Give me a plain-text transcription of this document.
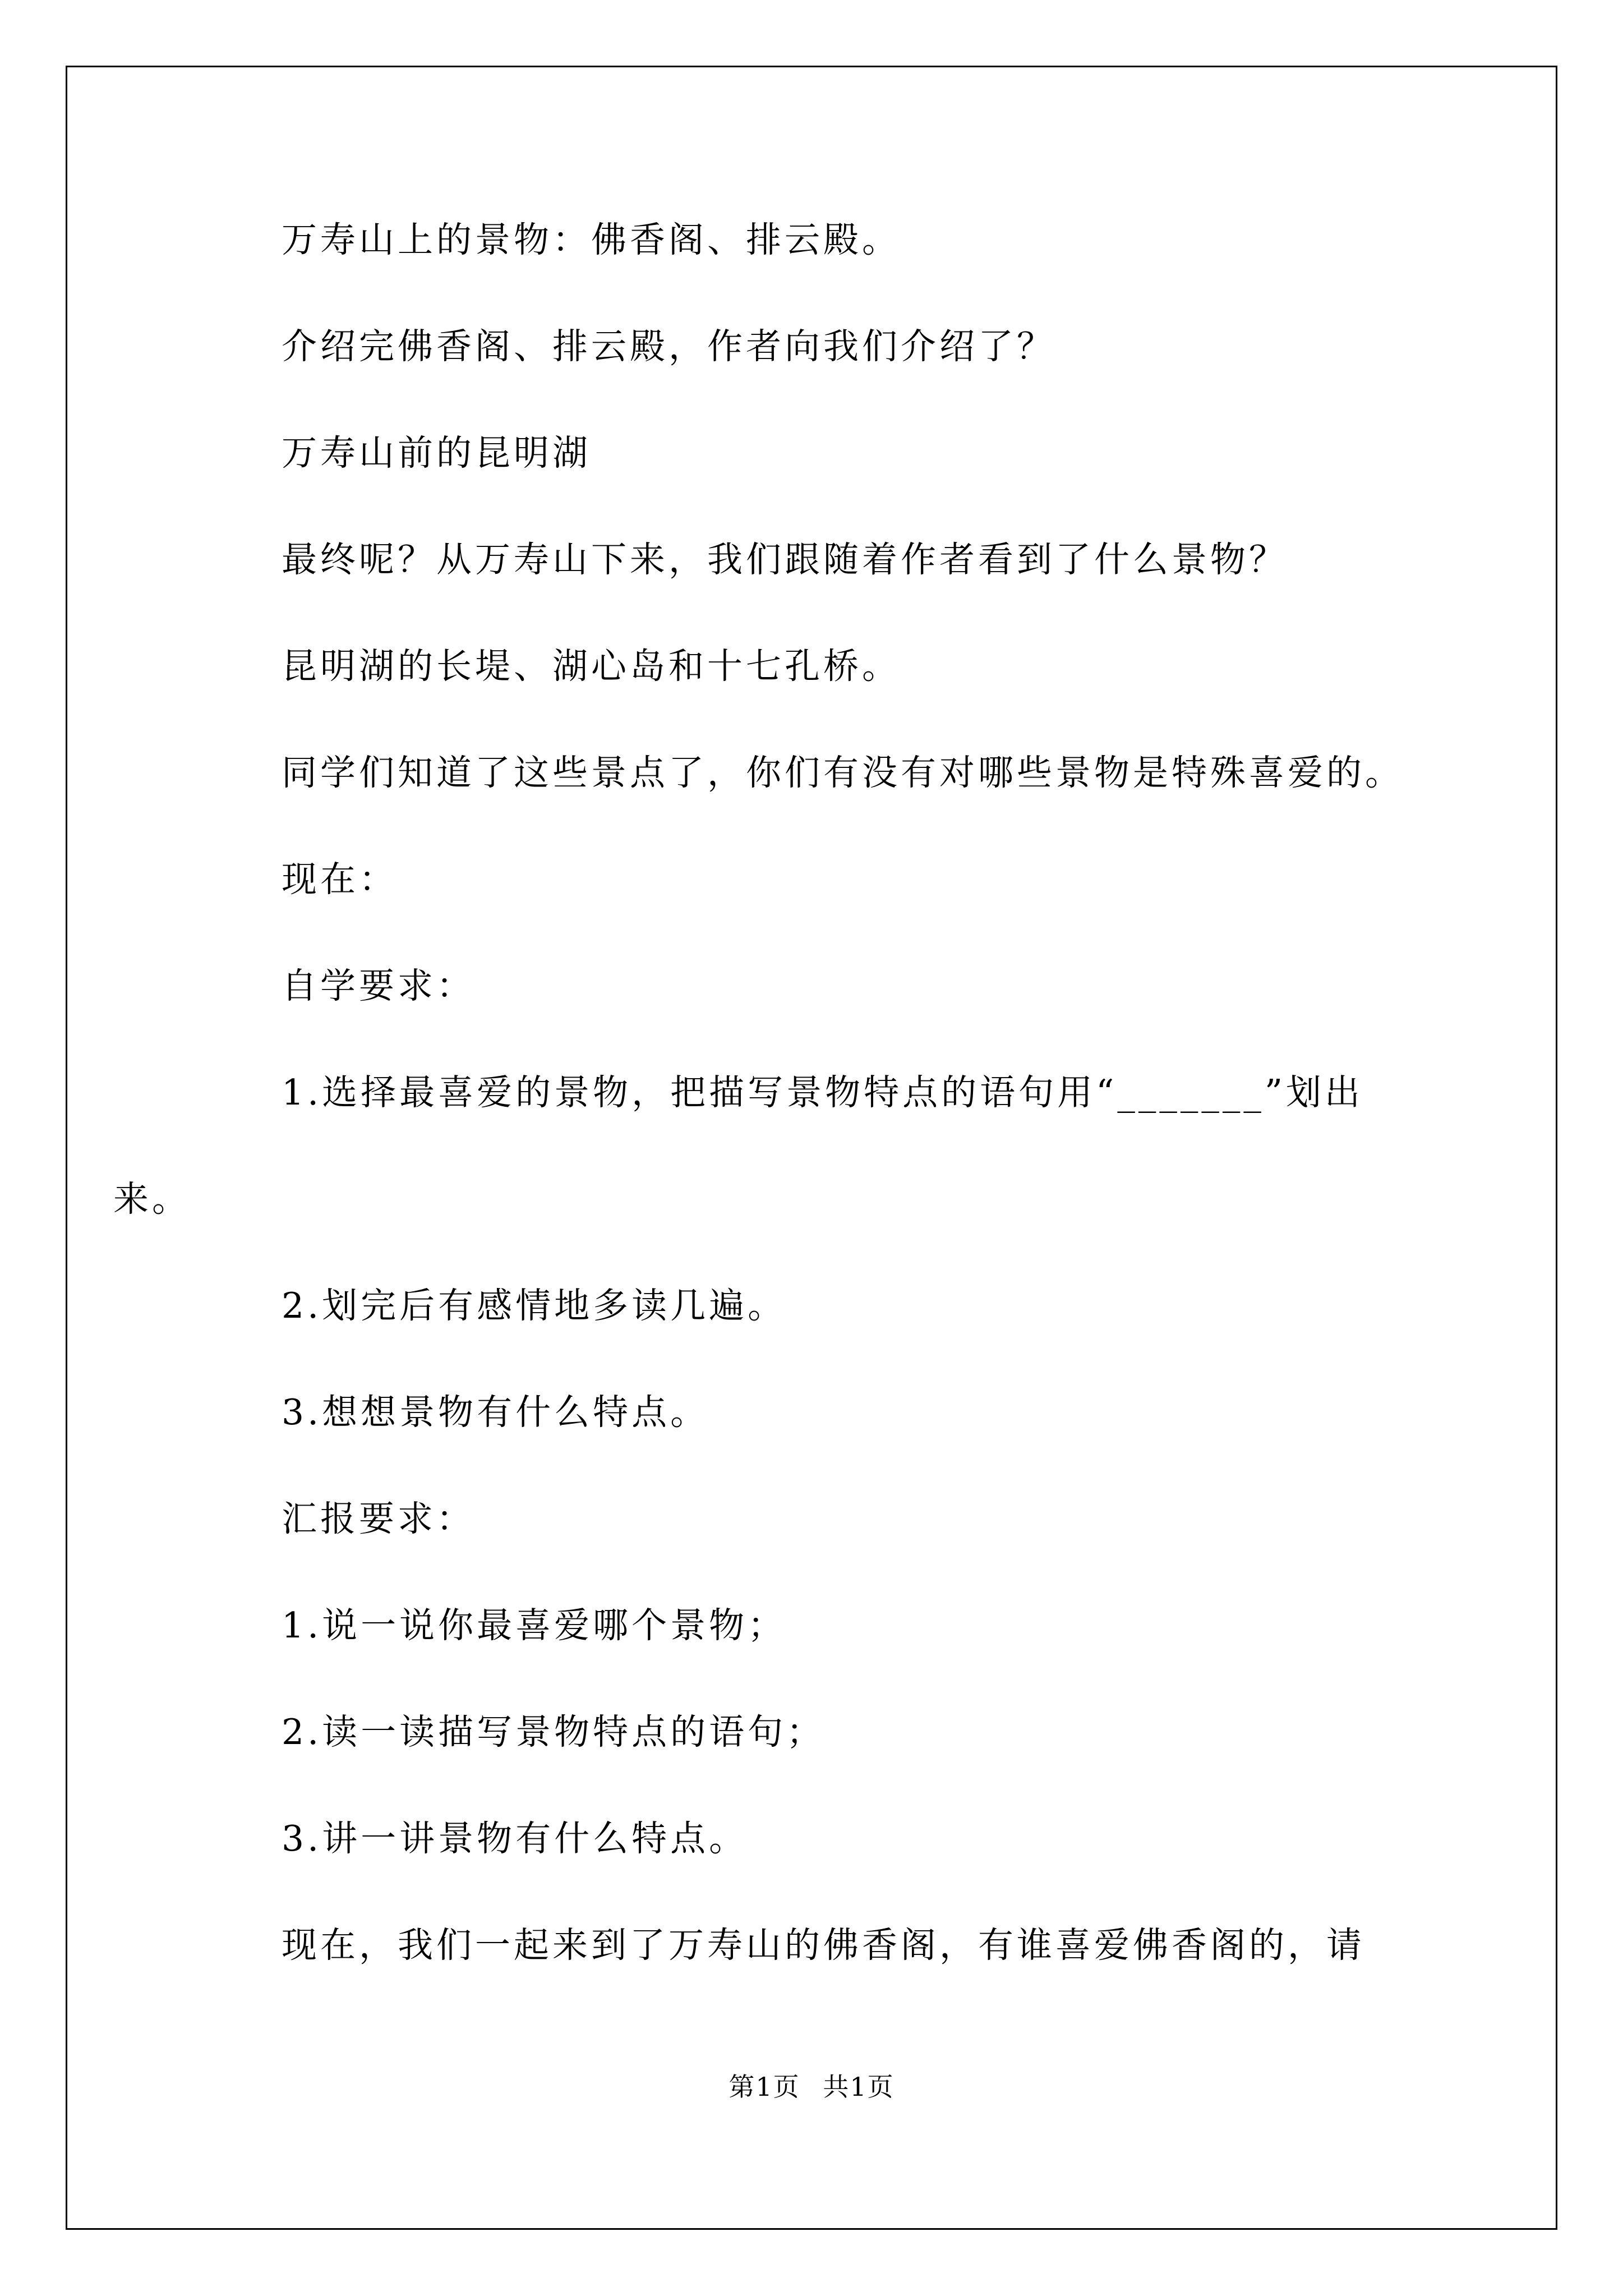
万寿山上的景物：佛香阁、排云殿。

介绍完佛香阁、排云殿，作者向我们介绍了？

万寿山前的昆明湖

最终呢？从万寿山下来，我们跟随着作者看到了什么景物？

昆明湖的长堤、湖心岛和十七孔桥。

同学们知道了这些景点了，你们有没有对哪些景物是特殊喜爱的。

现在：

自学要求：

1.选择最喜爱的景物，把描写景物特点的语句用“_______”划出

来。

2.划完后有感情地多读几遍。

3.想想景物有什么特点。

汇报要求：

1.说一说你最喜爱哪个景物；

2.读一读描写景物特点的语句；

3.讲一讲景物有什么特点。

现在，我们一起来到了万寿山的佛香阁，有谁喜爱佛香阁的，请

第1页 共1页
